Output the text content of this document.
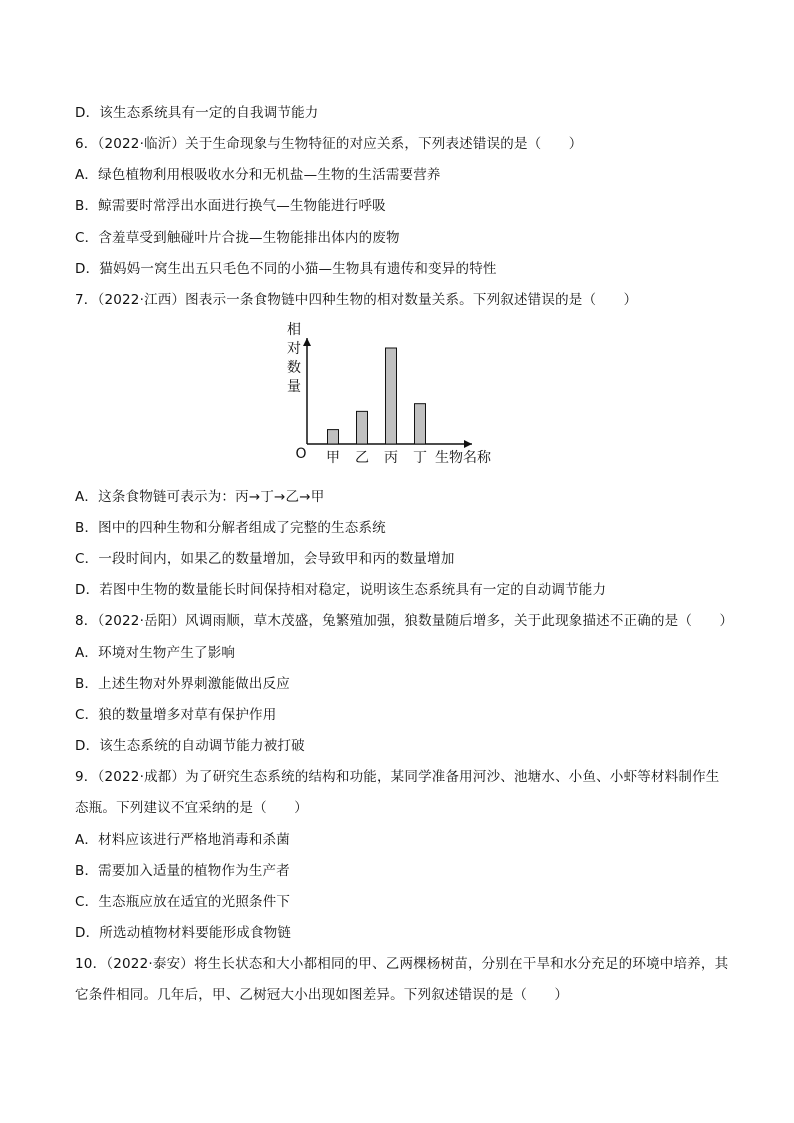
D．该生态系统具有一定的自我调节能力
6．（2022·临沂）关于生命现象与生物特征的对应关系，下列表述错误的是（　　）
A．绿色植物利用根吸收水分和无机盐—生物的生活需要营养
B．鲸需要时常浮出水面进行换气—生物能进行呼吸
C．含羞草受到触碰叶片合拢—生物能排出体内的废物
D．猫妈妈一窝生出五只毛色不同的小猫—生物具有遗传和变异的特性
7．（2022·江西）图表示一条食物链中四种生物的相对数量关系。下列叙述错误的是（　　）
O
相
对
数
量
甲 乙 丙 丁 生物名称
A．这条食物链可表示为：丙→丁→乙→甲
B．图中的四种生物和分解者组成了完整的生态系统
C．一段时间内，如果乙的数量增加，会导致甲和丙的数量增加
D．若图中生物的数量能长时间保持相对稳定，说明该生态系统具有一定的自动调节能力
8．（2022·岳阳）风调雨顺，草木茂盛，兔繁殖加强，狼数量随后增多，关于此现象描述不正确的是（　　）
A．环境对生物产生了影响
B．上述生物对外界刺激能做出反应
C．狼的数量增多对草有保护作用
D．该生态系统的自动调节能力被打破
9．（2022·成都）为了研究生态系统的结构和功能，某同学准备用河沙、池塘水、小鱼、小虾等材料制作生
态瓶。下列建议不宜采纳的是（　　）
A．材料应该进行严格地消毒和杀菌
B．需要加入适量的植物作为生产者
C．生态瓶应放在适宜的光照条件下
D．所选动植物材料要能形成食物链
10．（2022·泰安）将生长状态和大小都相同的甲、乙两棵杨树苗，分别在干旱和水分充足的环境中培养，其
它条件相同。几年后，甲、乙树冠大小出现如图差异。下列叙述错误的是（　　）
